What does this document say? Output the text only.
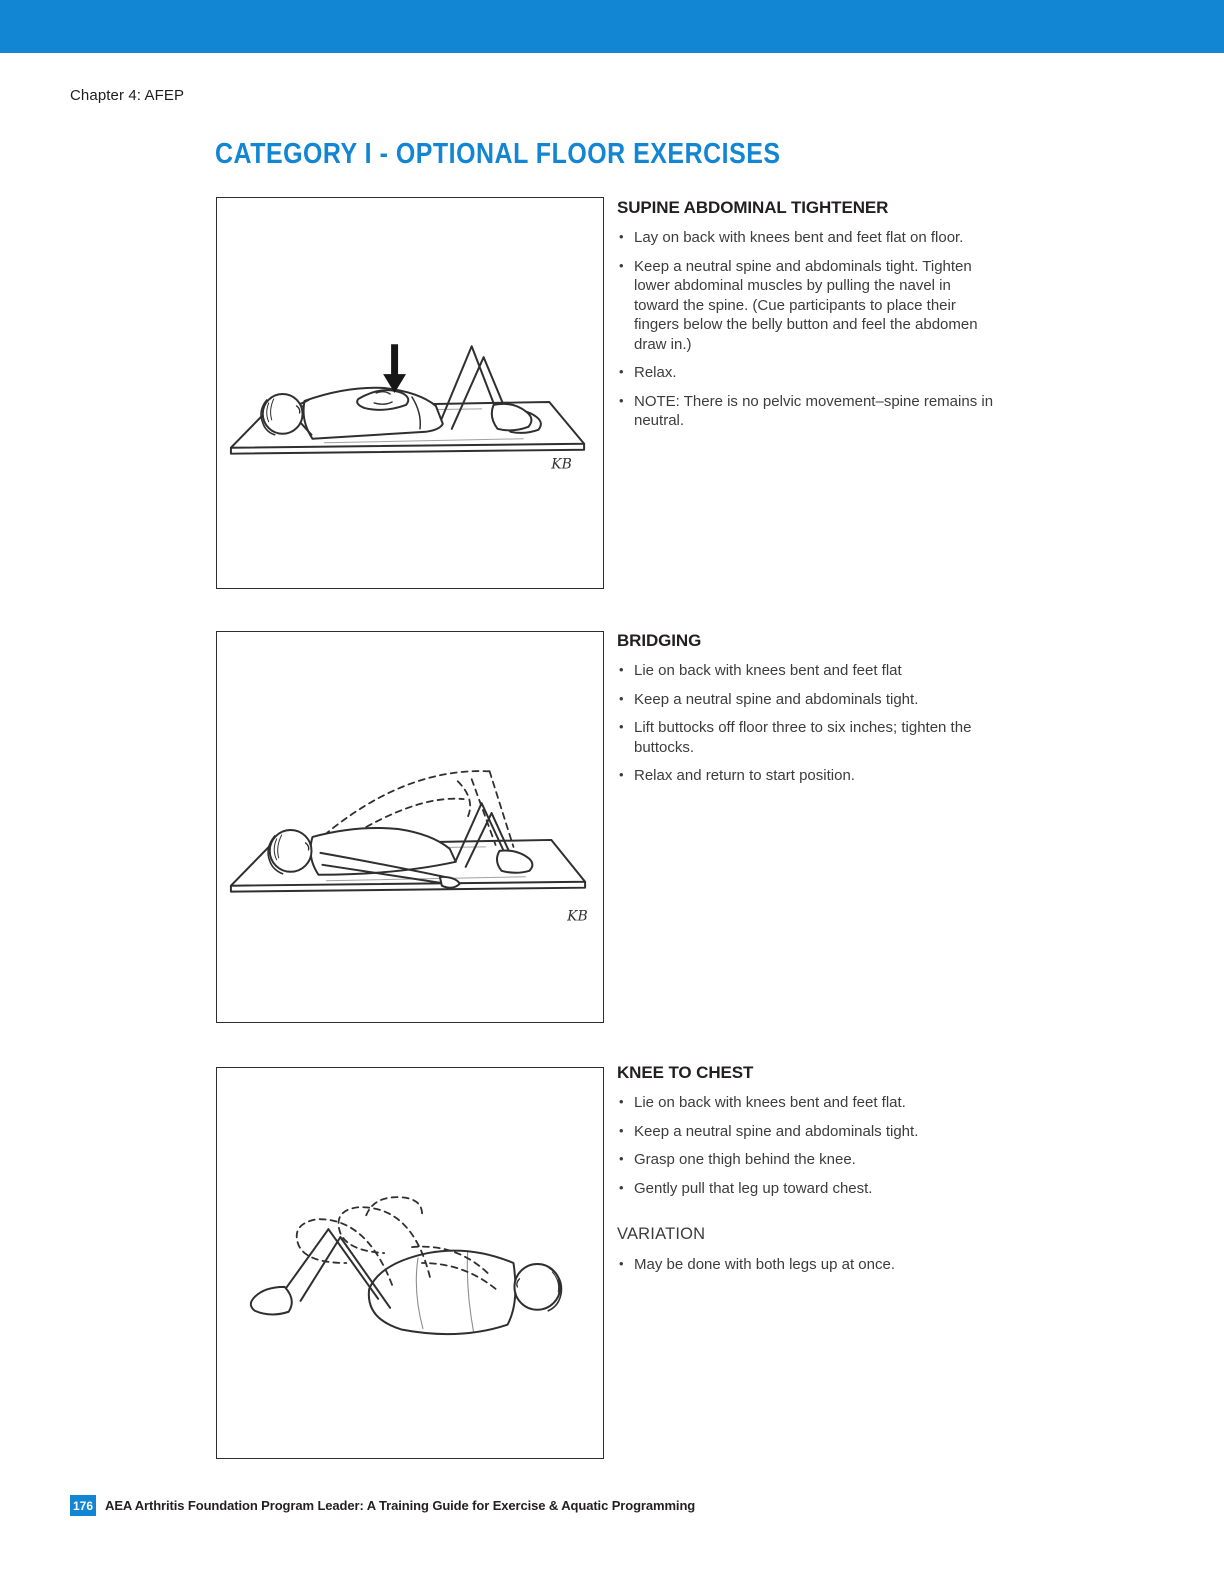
Chapter 4: AFEP
CATEGORY I - OPTIONAL FLOOR EXERCISES
KB
SUPINE ABDOMINAL TIGHTENER
• Lay on back with knees bent and feet flat on floor.
• Keep a neutral spine and abdominals tight. Tighten lower abdominal muscles by pulling the navel in toward the spine. (Cue participants to place their fingers below the belly button and feel the abdomen draw in.)
• Relax.
• NOTE: There is no pelvic movement–spine remains in neutral.
KB
BRIDGING
• Lie on back with knees bent and feet flat
• Keep a neutral spine and abdominals tight.
• Lift buttocks off floor three to six inches; tighten the buttocks.
• Relax and return to start position.
KNEE TO CHEST
• Lie on back with knees bent and feet flat.
• Keep a neutral spine and abdominals tight.
• Grasp one thigh behind the knee.
• Gently pull that leg up toward chest.
VARIATION
• May be done with both legs up at once.
176 AEA Arthritis Foundation Program Leader: A Training Guide for Exercise & Aquatic Programming
